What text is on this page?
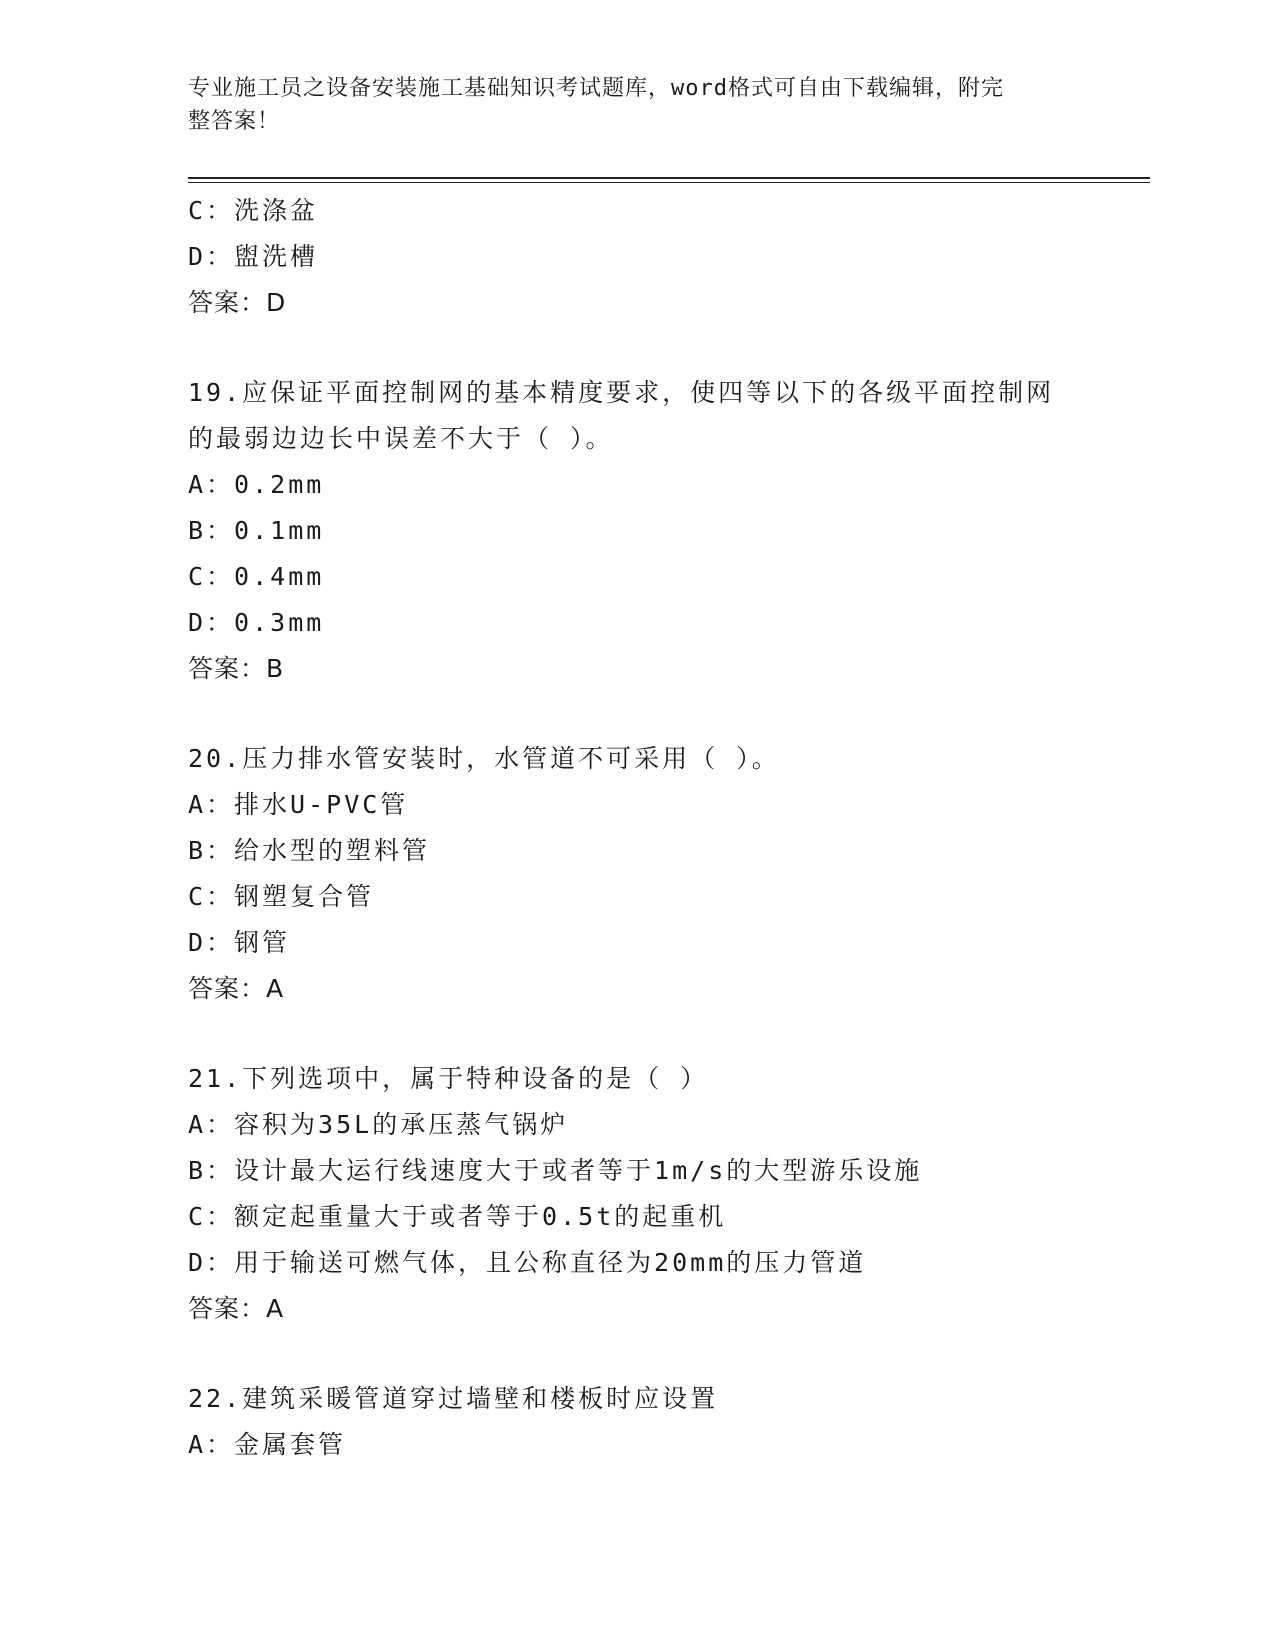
专业施工员之设备安装施工基础知识考试题库，word格式可自由下载编辑，附完
整答案！
C：洗涤盆
D：盥洗槽
答案：D
19.应保证平面控制网的基本精度要求，使四等以下的各级平面控制网
的最弱边边长中误差不大于（ ）。
A：0.2mm
B：0.1mm
C：0.4mm
D：0.3mm
答案：B
20.压力排水管安装时，水管道不可采用（ ）。
A：排水U-PVC管
B：给水型的塑料管
C：钢塑复合管
D：钢管
答案：A
21.下列选项中，属于特种设备的是（ ）
A：容积为35L的承压蒸气锅炉
B：设计最大运行线速度大于或者等于1m/s的大型游乐设施
C：额定起重量大于或者等于0.5t的起重机
D：用于输送可燃气体，且公称直径为20mm的压力管道
答案：A
22.建筑采暖管道穿过墙壁和楼板时应设置
A：金属套管
